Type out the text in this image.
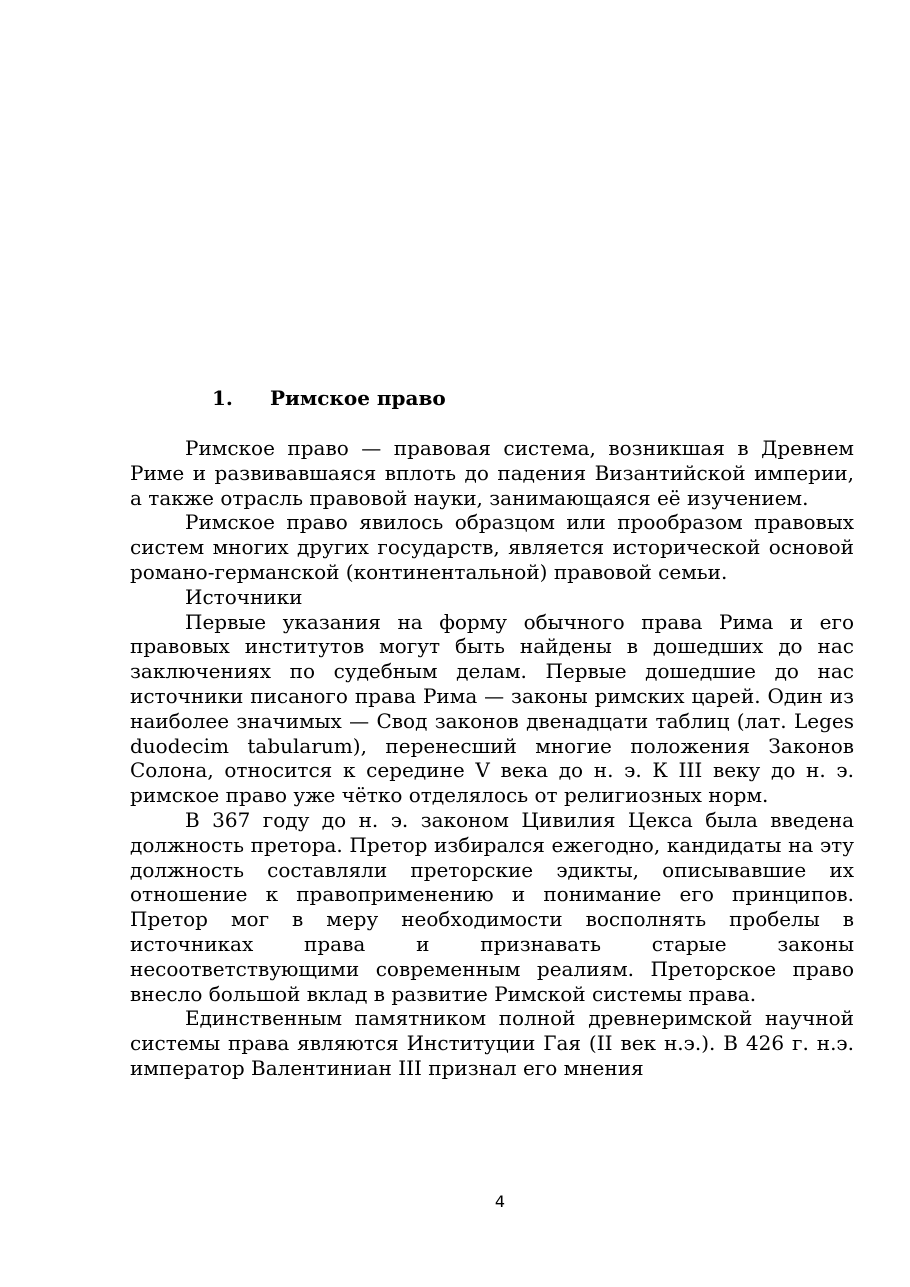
1. Римское право

Римское право — правовая система, возникшая в Древнем Риме и развивавшаяся вплоть до падения Византийской империи, а также отрасль правовой науки, занимающаяся её изучением.

Римское право явилось образцом или прообразом правовых систем многих других государств, является исторической основой романо-германской (континентальной) правовой семьи.

Источники

Первые указания на форму обычного права Рима и его правовых институтов могут быть найдены в дошедших до нас заключениях по судебным делам. Первые дошедшие до нас источники писаного права Рима — законы римских царей. Один из наиболее значимых — Свод законов двенадцати таблиц (лат. Leges duodecim tabularum), перенесший многие положения Законов Солона, относится к середине V века до н. э. К III веку до н. э. римское право уже чётко отделялось от религиозных норм.

В 367 году до н. э. законом Цивилия Цекса была введена должность претора. Претор избирался ежегодно, кандидаты на эту должность составляли преторские эдикты, описывавшие их отношение к правоприменению и понимание его принципов. Претор мог в меру необходимости восполнять пробелы в источниках права и признавать старые законы несоответствующими современным реалиям. Преторское право внесло большой вклад в развитие Римской системы права.

Единственным памятником полной древнеримской научной системы права являются Институции Гая (II век н.э.). В 426 г. н.э. император Валентиниан III признал его мнения

4
